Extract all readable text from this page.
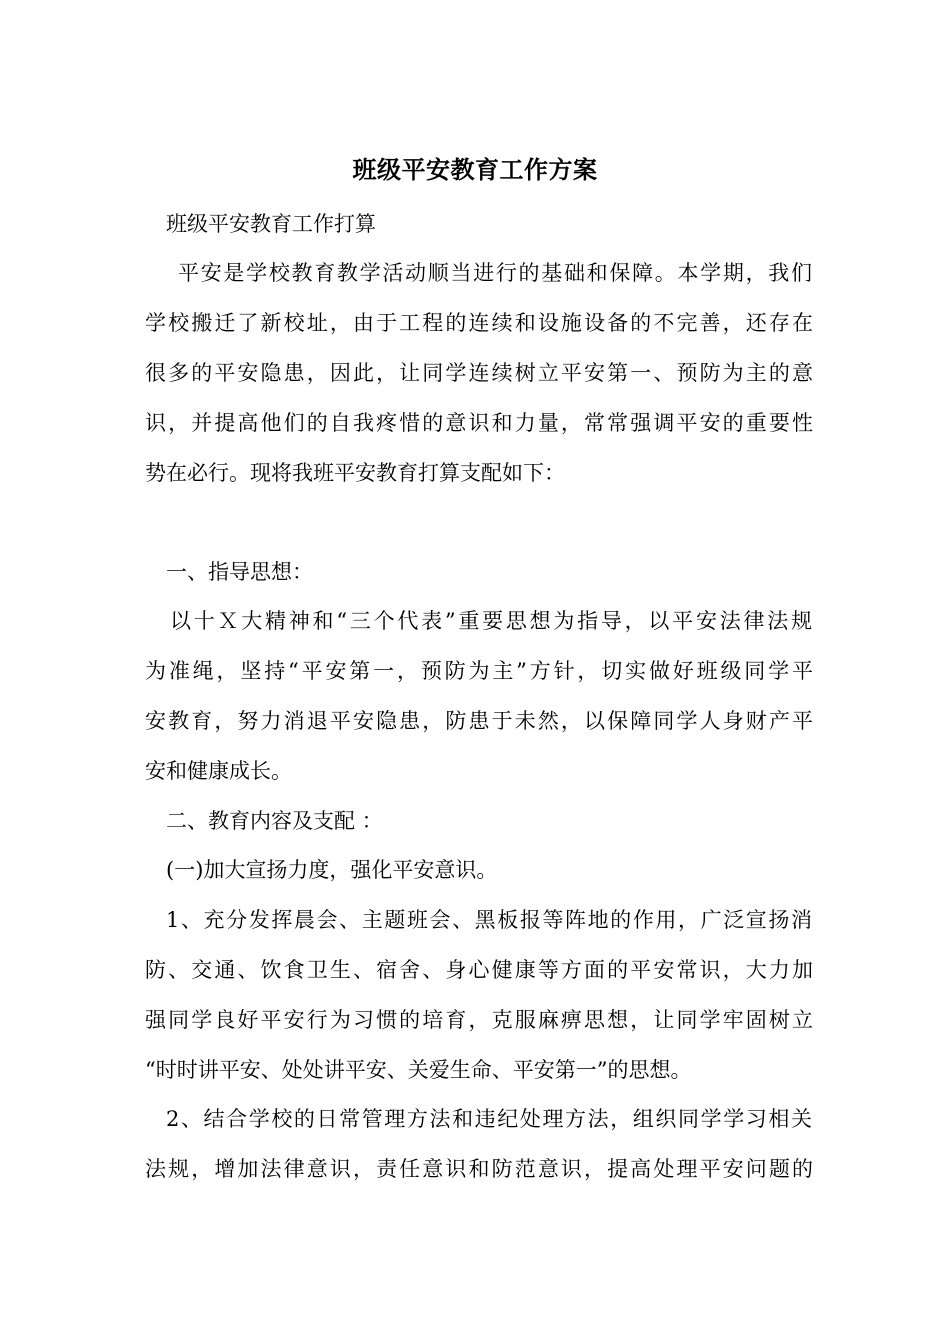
班级平安教育工作方案

班级平安教育工作打算

平安是学校教育教学活动顺当进行的基础和保障。本学期，我们

学校搬迁了新校址，由于工程的连续和设施设备的不完善，还存在

很多的平安隐患，因此，让同学连续树立平安第一、预防为主的意

识，并提高他们的自我疼惜的意识和力量，常常强调平安的重要性

势在必行。现将我班平安教育打算支配如下：

一、指导思想：

以十Ｘ大精神和“三个代表”重要思想为指导，以平安法律法规

为准绳，坚持“平安第一，预防为主”方针，切实做好班级同学平

安教育，努力消退平安隐患，防患于未然，以保障同学人身财产平

安和健康成长。

二、教育内容及支配 ：

(一)加大宣扬力度，强化平安意识。

1、充分发挥晨会、主题班会、黑板报等阵地的作用，广泛宣扬消

防、交通、饮食卫生、宿舍、身心健康等方面的平安常识，大力加

强同学良好平安行为习惯的培育，克服麻痹思想，让同学牢固树立

“时时讲平安、处处讲平安、关爱生命、平安第一”的思想。

2、结合学校的日常管理方法和违纪处理方法，组织同学学习相关

法规，增加法律意识，责任意识和防范意识，提高处理平安问题的
